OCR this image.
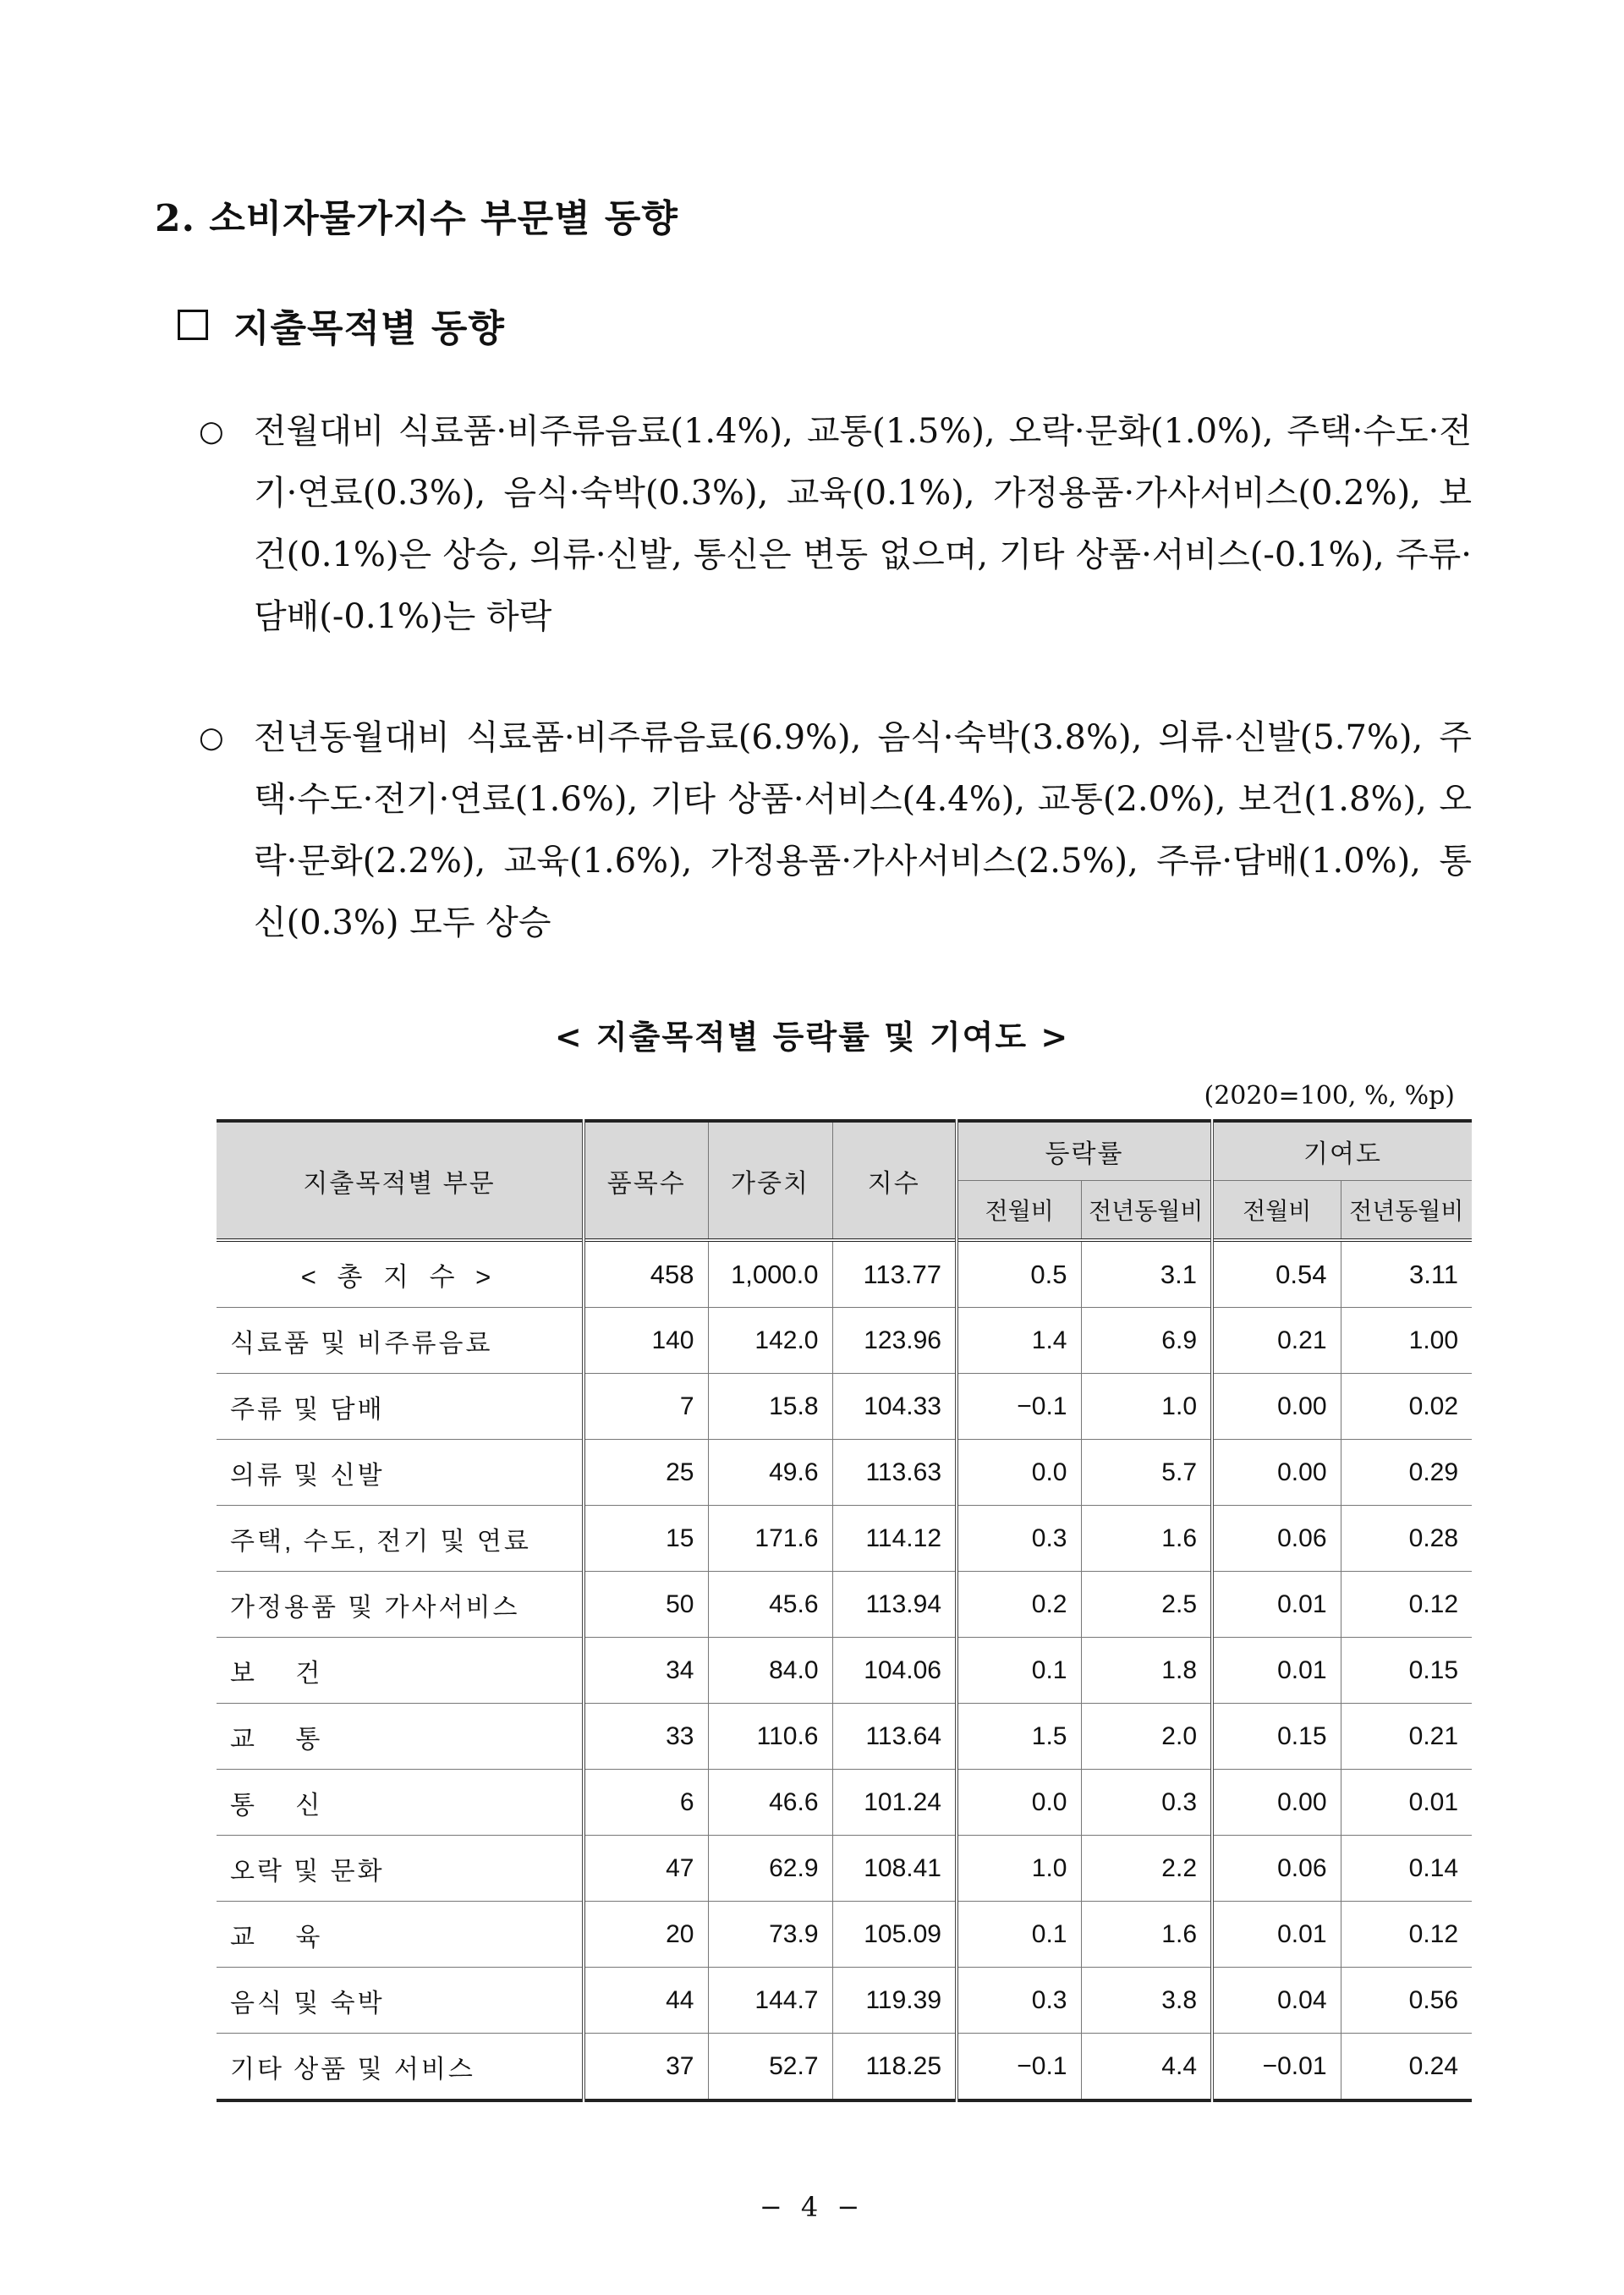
2. 소비자물가지수 부문별 동향
지출목적별 동향
○ 전월대비 식료품·비주류음료(1.4%), 교통(1.5%), 오락·문화(1.0%), 주택·수도·전기·연료(0.3%), 음식·숙박(0.3%), 교육(0.1%), 가정용품·가사서비스(0.2%), 보건(0.1%)은 상승, 의류·신발, 통신은 변동 없으며, 기타 상품·서비스(-0.1%), 주류·담배(-0.1%)는 하락
○ 전년동월대비 식료품·비주류음료(6.9%), 음식·숙박(3.8%), 의류·신발(5.7%), 주택·수도·전기·연료(1.6%), 기타 상품·서비스(4.4%), 교통(2.0%), 보건(1.8%), 오락·문화(2.2%), 교육(1.6%), 가정용품·가사서비스(2.5%), 주류·담배(1.0%), 통신(0.3%) 모두 상승
< 지출목적별 등락률 및 기여도 >
(2020=100, %, %p)
지출목적별 부문	품목수	가중치	지수	등락률		기여도	
				전월비	전년동월비	전월비	전년동월비
< 총 지 수 >	458	1,000.0	113.77	0.5	3.1	0.54	3.11
식료품 및 비주류음료	140	142.0	123.96	1.4	6.9	0.21	1.00
주류 및 담배	7	15.8	104.33	−0.1	1.0	0.00	0.02
의류 및 신발	25	49.6	113.63	0.0	5.7	0.00	0.29
주택, 수도, 전기 및 연료	15	171.6	114.12	0.3	1.6	0.06	0.28
가정용품 및 가사서비스	50	45.6	113.94	0.2	2.5	0.01	0.12
보    건	34	84.0	104.06	0.1	1.8	0.01	0.15
교    통	33	110.6	113.64	1.5	2.0	0.15	0.21
통    신	6	46.6	101.24	0.0	0.3	0.00	0.01
오락 및 문화	47	62.9	108.41	1.0	2.2	0.06	0.14
교    육	20	73.9	105.09	0.1	1.6	0.01	0.12
음식 및 숙박	44	144.7	119.39	0.3	3.8	0.04	0.56
기타 상품 및 서비스	37	52.7	118.25	−0.1	4.4	−0.01	0.24
− 4 −
